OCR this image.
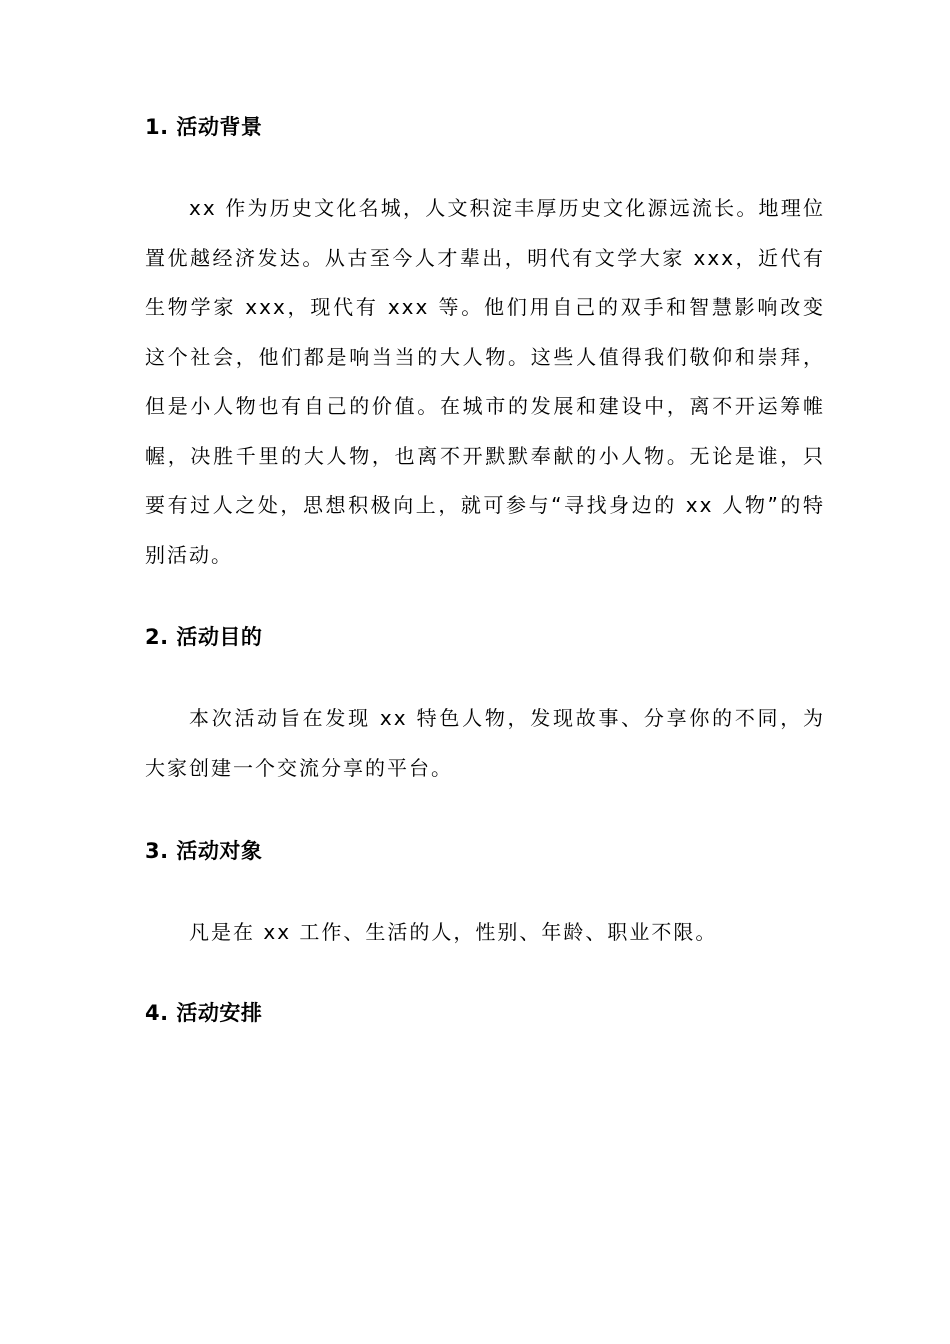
1. 活动背景

xx 作为历史文化名城，人文积淀丰厚历史文化源远流长。地理位置优越经济发达。从古至今人才辈出，明代有文学大家 xxx，近代有生物学家 xxx，现代有 xxx 等。他们用自己的双手和智慧影响改变这个社会，他们都是响当当的大人物。这些人值得我们敬仰和崇拜，但是小人物也有自己的价值。在城市的发展和建设中，离不开运筹帷幄，决胜千里的大人物，也离不开默默奉献的小人物。无论是谁，只要有过人之处，思想积极向上，就可参与“寻找身边的 xx 人物”的特别活动。

2. 活动目的

本次活动旨在发现 xx 特色人物，发现故事、分享你的不同，为大家创建一个交流分享的平台。

3. 活动对象

凡是在 xx 工作、生活的人，性别、年龄、职业不限。

4. 活动安排
